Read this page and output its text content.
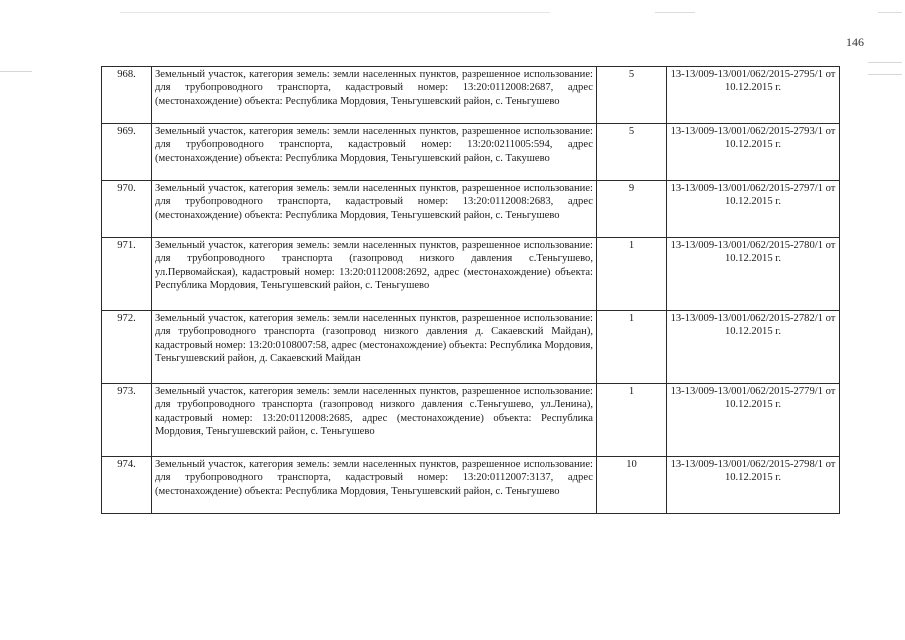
146
968.	Земельный участок, категория земель: земли населенных пунктов, разрешенное использование: для трубопроводного транспорта, кадастровый номер: 13:20:0112008:2687, адрес (местонахождение) объекта: Республика Мордовия, Теньгушевский район, с. Теньгушево	5	13-13/009-13/001/062/2015-2795/1 от 10.12.2015 г.
969.	Земельный участок, категория земель: земли населенных пунктов, разрешенное использование: для трубопроводного транспорта, кадастровый номер: 13:20:0211005:594, адрес (местонахождение) объекта: Республика Мордовия, Теньгушевский район, с. Такушево	5	13-13/009-13/001/062/2015-2793/1 от 10.12.2015 г.
970.	Земельный участок, категория земель: земли населенных пунктов, разрешенное использование: для трубопроводного транспорта, кадастровый номер: 13:20:0112008:2683, адрес (местонахождение) объекта: Республика Мордовия, Теньгушевский район, с. Теньгушево	9	13-13/009-13/001/062/2015-2797/1 от 10.12.2015 г.
971.	Земельный участок, категория земель: земли населенных пунктов, разрешенное использование: для трубопроводного транспорта (газопровод низкого давления с.Теньгушево, ул.Первомайская), кадастровый номер: 13:20:0112008:2692, адрес (местонахождение) объекта: Республика Мордовия, Теньгушевский район, с. Теньгушево	1	13-13/009-13/001/062/2015-2780/1 от 10.12.2015 г.
972.	Земельный участок, категория земель: земли населенных пунктов, разрешенное использование: для трубопроводного транспорта (газопровод низкого давления д. Сакаевский Майдан), кадастровый номер: 13:20:0108007:58, адрес (местонахождение) объекта: Республика Мордовия, Теньгушевский район, д. Сакаевский Майдан	1	13-13/009-13/001/062/2015-2782/1 от 10.12.2015 г.
973.	Земельный участок, категория земель: земли населенных пунктов, разрешенное использование: для трубопроводного транспорта (газопровод низкого давления с.Теньгушево, ул.Ленина), кадастровый номер: 13:20:0112008:2685, адрес (местонахождение) объекта: Республика Мордовия, Теньгушевский район, с. Теньгушево	1	13-13/009-13/001/062/2015-2779/1 от 10.12.2015 г.
974.	Земельный участок, категория земель: земли населенных пунктов, разрешенное использование: для трубопроводного транспорта, кадастровый номер: 13:20:0112007:3137, адрес (местонахождение) объекта: Республика Мордовия, Теньгушевский район, с. Теньгушево	10	13-13/009-13/001/062/2015-2798/1 от 10.12.2015 г.
